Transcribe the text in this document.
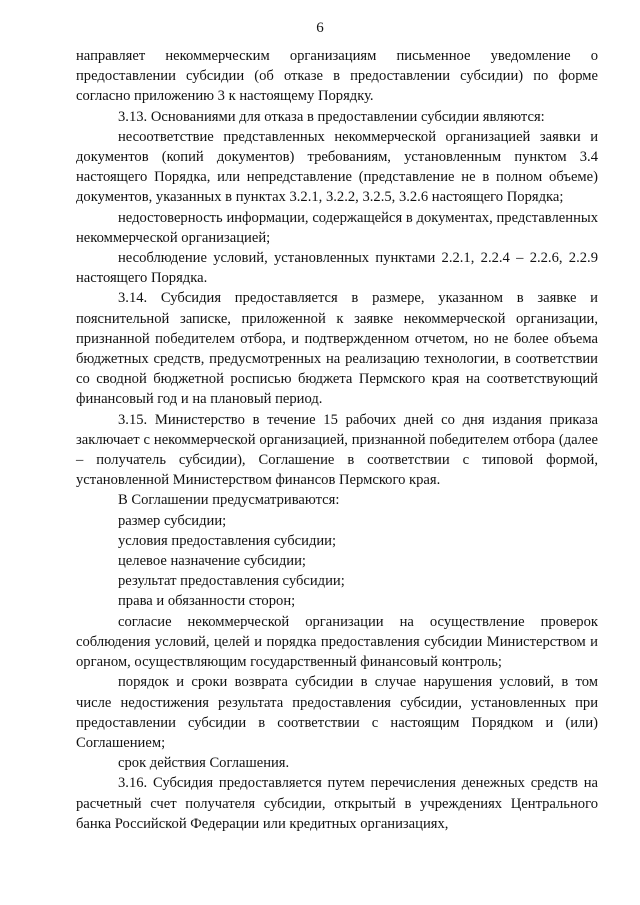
6

направляет некоммерческим организациям письменное уведомление о предоставлении субсидии (об отказе в предоставлении субсидии) по форме согласно приложению 3 к настоящему Порядку.

3.13. Основаниями для отказа в предоставлении субсидии являются:

несоответствие представленных некоммерческой организацией заявки и документов (копий документов) требованиям, установленным пунктом 3.4 настоящего Порядка, или непредставление (представление не в полном объеме) документов, указанных в пунктах 3.2.1, 3.2.2, 3.2.5, 3.2.6 настоящего Порядка;

недостоверность информации, содержащейся в документах, представленных некоммерческой организацией;

несоблюдение условий, установленных пунктами 2.2.1, 2.2.4 – 2.2.6, 2.2.9 настоящего Порядка.

3.14. Субсидия предоставляется в размере, указанном в заявке и пояснительной записке, приложенной к заявке некоммерческой организации, признанной победителем отбора, и подтвержденном отчетом, но не более объема бюджетных средств, предусмотренных на реализацию технологии, в соответствии со сводной бюджетной росписью бюджета Пермского края на соответствующий финансовый год и на плановый период.

3.15. Министерство в течение 15 рабочих дней со дня издания приказа заключает с некоммерческой организацией, признанной победителем отбора (далее – получатель субсидии), Соглашение в соответствии с типовой формой, установленной Министерством финансов Пермского края.

В Соглашении предусматриваются:

размер субсидии;

условия предоставления субсидии;

целевое назначение субсидии;

результат предоставления субсидии;

права и обязанности сторон;

согласие некоммерческой организации на осуществление проверок соблюдения условий, целей и порядка предоставления субсидии Министерством и органом, осуществляющим государственный финансовый контроль;

порядок и сроки возврата субсидии в случае нарушения условий, в том числе недостижения результата предоставления субсидии, установленных при предоставлении субсидии в соответствии с настоящим Порядком и (или) Соглашением;

срок действия Соглашения.

3.16. Субсидия предоставляется путем перечисления денежных средств на расчетный счет получателя субсидии, открытый в учреждениях Центрального банка Российской Федерации или кредитных организациях,
